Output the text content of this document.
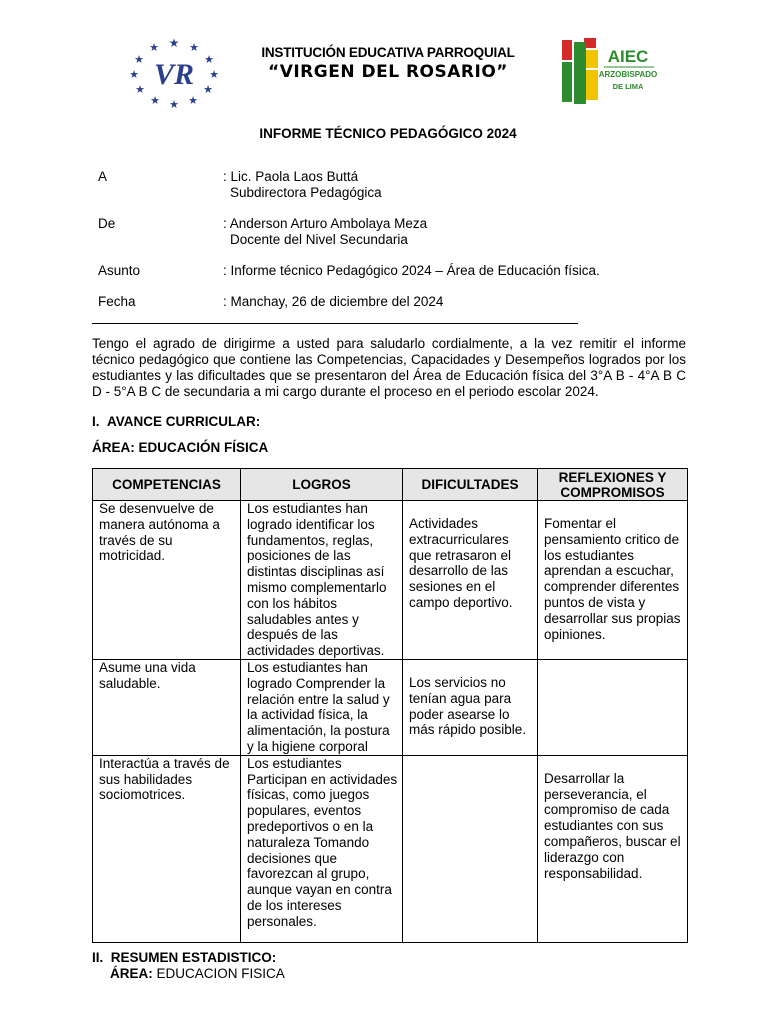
★
★	★
★	★
★	★
★	★
★	★
★
VR
INSTITUCIÓN EDUCATIVA PARROQUIAL
“VIRGEN DEL ROSARIO”
AIEC
ARZOBISPADO
DE LIMA
INFORME TÉCNICO PEDAGÓGICO 2024
A	: Lic. Paola Laos Buttá
Subdirectora Pedagógica
De	: Anderson Arturo Ambolaya Meza
Docente del Nivel Secundaria
Asunto	: Informe técnico Pedagógico 2024 – Área de Educación física.
Fecha	: Manchay, 26 de diciembre del 2024
Tengo el agrado de dirigirme a usted para saludarlo cordialmente, a la vez remitir el informe técnico pedagógico que contiene las Competencias, Capacidades y Desempeños logrados por los estudiantes y las dificultades que se presentaron del Área de Educación física del 3°A B - 4°A B C D - 5°A B C de secundaria a mi cargo durante el proceso en el periodo escolar 2024.
I. AVANCE CURRICULAR:
ÁREA: EDUCACIÓN FÍSICA
COMPETENCIAS	LOGROS	DIFICULTADES	REFLEXIONES Y COMPROMISOS
Se desenvuelve de manera autónoma a través de su motricidad.	Los estudiantes han logrado identificar los fundamentos, reglas, posiciones de las distintas disciplinas así mismo complementarlo con los hábitos saludables antes y después de las actividades deportivas.	Actividades extracurriculares que retrasaron el desarrollo de las sesiones en el campo deportivo.	Fomentar el pensamiento critico de los estudiantes aprendan a escuchar, comprender diferentes puntos de vista y desarrollar sus propias opiniones.
Asume una vida saludable.	Los estudiantes han logrado Comprender la relación entre la salud y la actividad física, la alimentación, la postura y la higiene corporal	Los servicios no tenían agua para poder asearse lo más rápido posible.	
Interactúa a través de sus habilidades sociomotrices.	Los estudiantes Participan en actividades físicas, como juegos populares, eventos predeportivos o en la naturaleza Tomando decisiones que favorezcan al grupo, aunque vayan en contra de los intereses personales.		Desarrollar la perseverancia, el compromiso de cada estudiantes con sus compañeros, buscar el liderazgo con responsabilidad.
II. RESUMEN ESTADISTICO:
ÁREA: EDUCACION FISICA
